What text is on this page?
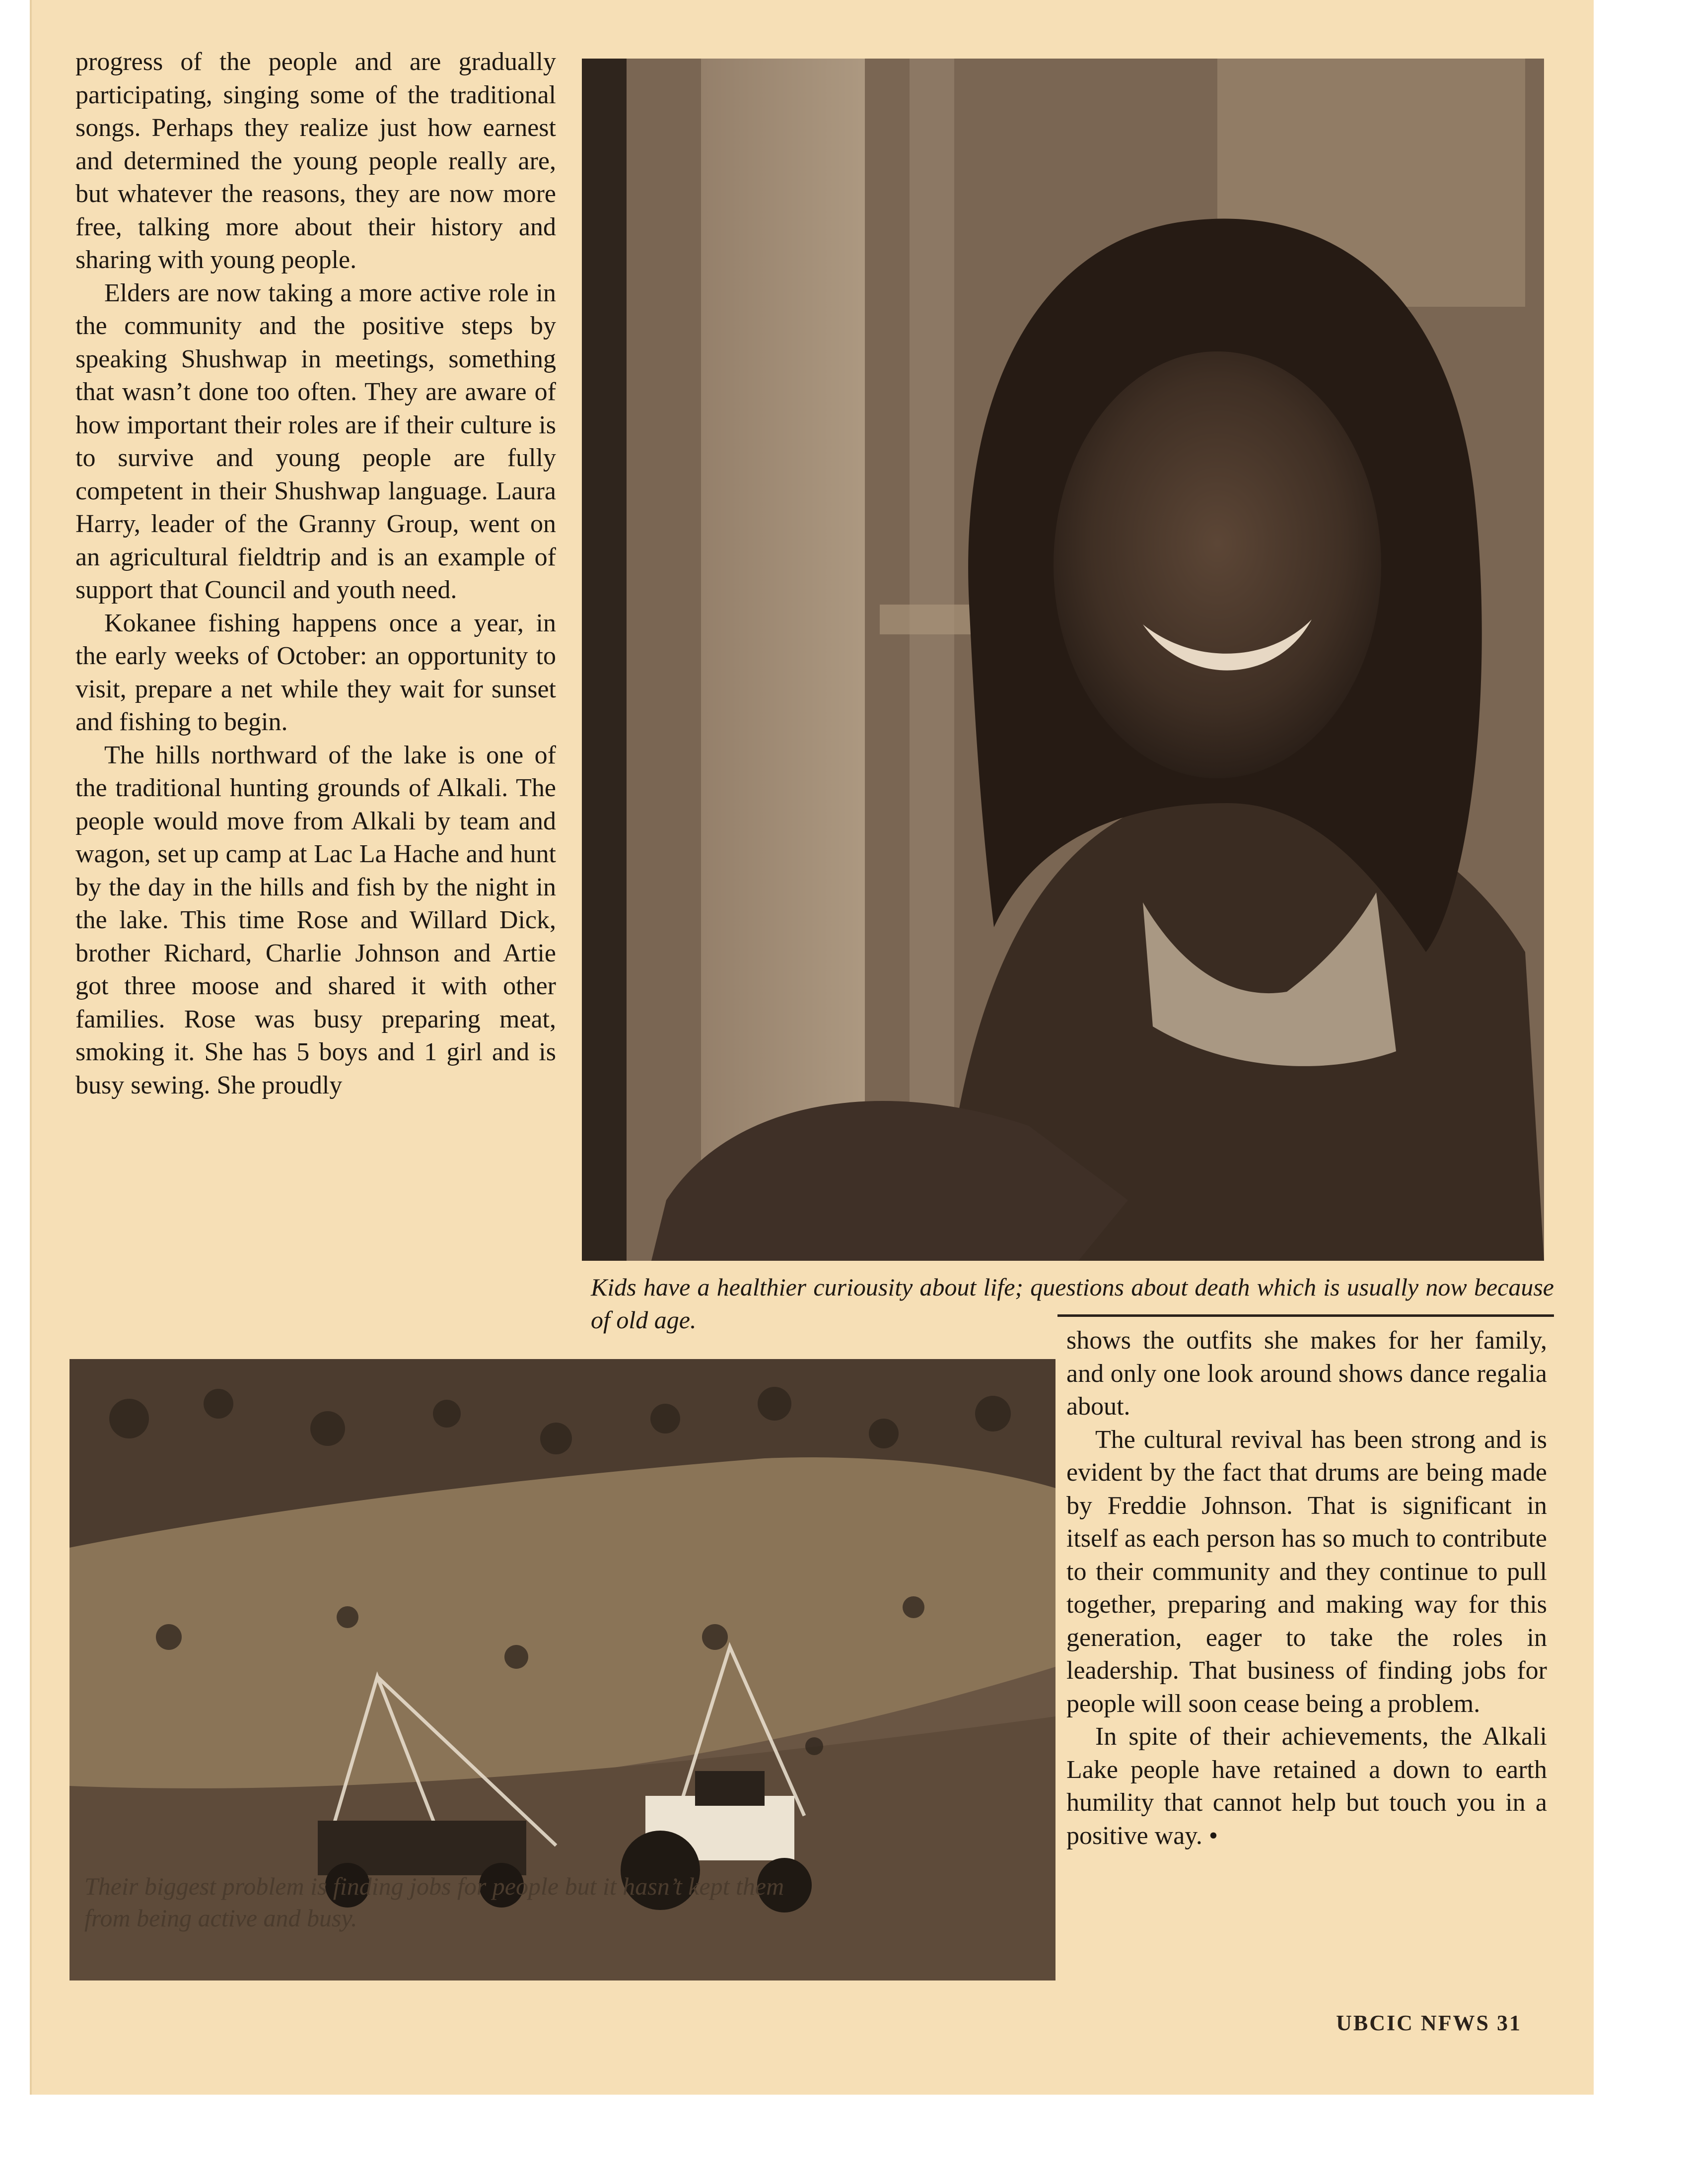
progress of the people and are gradually participating, singing some of the traditional songs. Perhaps they realize just how earnest and determined the young people really are, but whatever the reasons, they are now more free, talking more about their history and sharing with young people.

Elders are now taking a more active role in the community and the positive steps by speaking Shushwap in meetings, something that wasn’t done too often. They are aware of how important their roles are if their culture is to survive and young people are fully competent in their Shushwap language. Laura Harry, leader of the Granny Group, went on an agricultural fieldtrip and is an example of support that Council and youth need.

Kokanee fishing happens once a year, in the early weeks of October: an opportunity to visit, prepare a net while they wait for sunset and fishing to begin.

The hills northward of the lake is one of the traditional hunting grounds of Alkali. The people would move from Alkali by team and wagon, set up camp at Lac La Hache and hunt by the day in the hills and fish by the night in the lake. This time Rose and Willard Dick, brother Richard, Charlie Johnson and Artie got three moose and shared it with other families. Rose was busy preparing meat, smoking it. She has 5 boys and 1 girl and is busy sewing. She proudly

Kids have a healthier curiousity about life; questions about death which is usually now because of old age.
Their biggest problem is finding jobs for people but it hasn’t kept them
from being active and busy.

shows the outfits she makes for her family, and only one look around shows dance regalia about.

The cultural revival has been strong and is evident by the fact that drums are being made by Freddie Johnson. That is significant in itself as each person has so much to contribute to their community and they continue to pull together, preparing and making way for this generation, eager to take the roles in leadership. That business of finding jobs for people will soon cease being a problem.

In spite of their achievements, the Alkali Lake people have retained a down to earth humility that cannot help but touch you in a positive way. •

UBCIC NFWS 31
